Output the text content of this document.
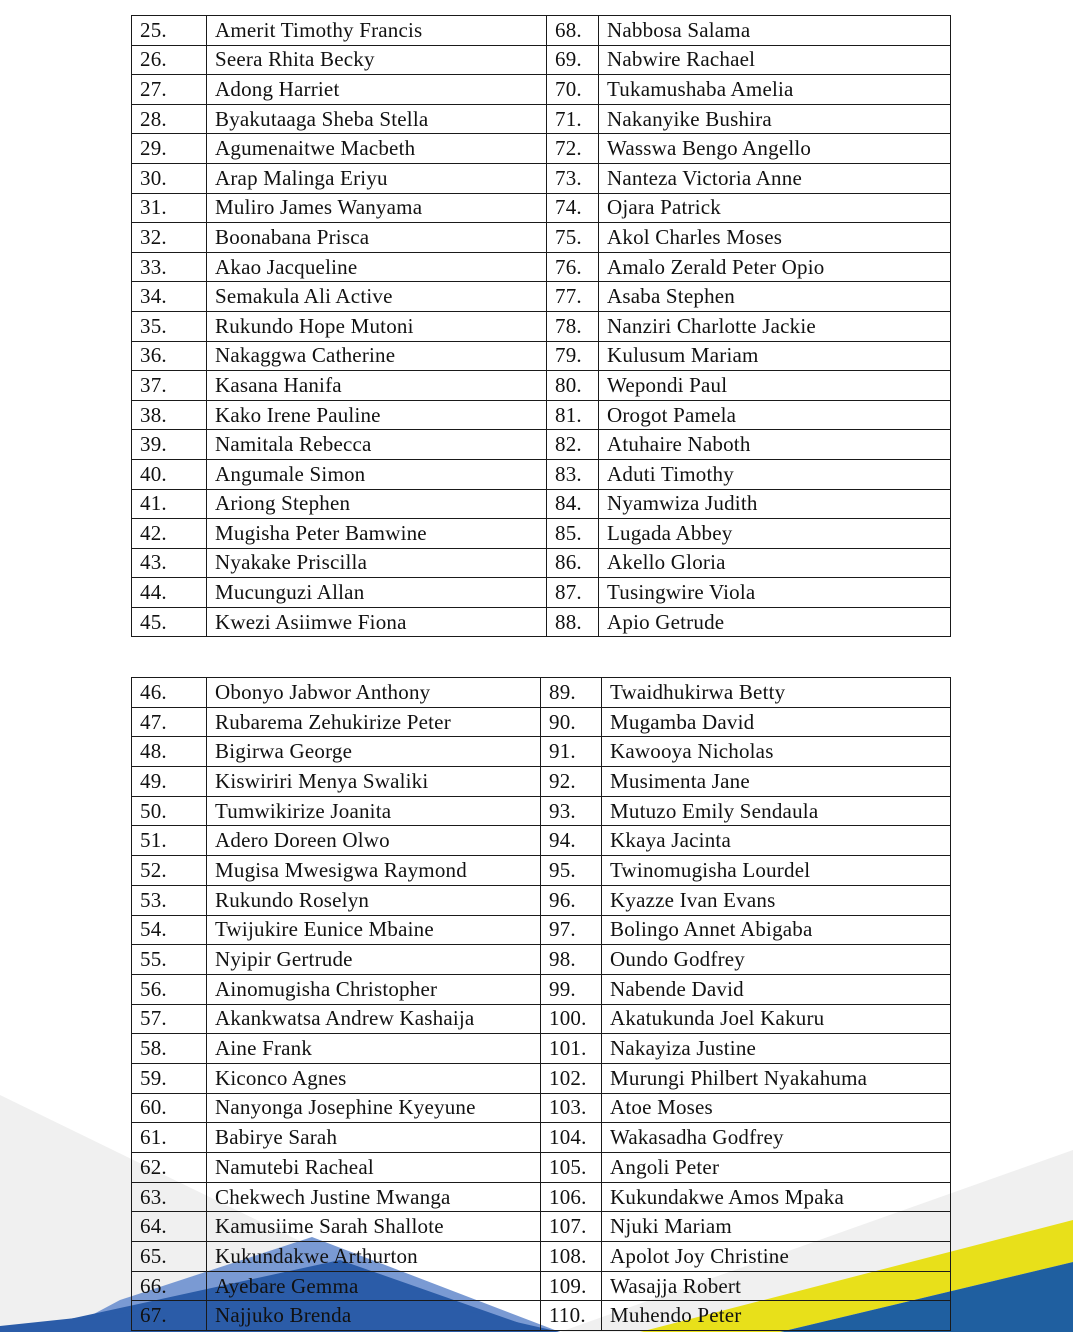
25.	Amerit Timothy Francis	68.	Nabbosa Salama
26.	Seera Rhita Becky	69.	Nabwire Rachael
27.	Adong Harriet	70.	Tukamushaba Amelia
28.	Byakutaaga Sheba Stella	71.	Nakanyike Bushira
29.	Agumenaitwe Macbeth	72.	Wasswa Bengo Angello
30.	Arap Malinga Eriyu	73.	Nanteza Victoria Anne
31.	Muliro James Wanyama	74.	Ojara Patrick
32.	Boonabana Prisca	75.	Akol Charles Moses
33.	Akao Jacqueline	76.	Amalo Zerald Peter Opio
34.	Semakula Ali Active	77.	Asaba Stephen
35.	Rukundo Hope Mutoni	78.	Nanziri Charlotte Jackie
36.	Nakaggwa Catherine	79.	Kulusum Mariam
37.	Kasana Hanifa	80.	Wepondi Paul
38.	Kako Irene Pauline	81.	Orogot Pamela
39.	Namitala Rebecca	82.	Atuhaire Naboth
40.	Angumale Simon	83.	Aduti Timothy
41.	Ariong Stephen	84.	Nyamwiza Judith
42.	Mugisha Peter Bamwine	85.	Lugada Abbey
43.	Nyakake Priscilla	86.	Akello Gloria
44.	Mucunguzi Allan	87.	Tusingwire Viola
45.	Kwezi Asiimwe Fiona	88.	Apio Getrude
46.	Obonyo Jabwor Anthony	89.	Twaidhukirwa Betty
47.	Rubarema Zehukirize Peter	90.	Mugamba David
48.	Bigirwa George	91.	Kawooya Nicholas
49.	Kiswiriri Menya Swaliki	92.	Musimenta Jane
50.	Tumwikirize Joanita	93.	Mutuzo Emily Sendaula
51.	Adero Doreen Olwo	94.	Kkaya Jacinta
52.	Mugisa Mwesigwa Raymond	95.	Twinomugisha Lourdel
53.	Rukundo Roselyn	96.	Kyazze Ivan Evans
54.	Twijukire Eunice Mbaine	97.	Bolingo Annet Abigaba
55.	Nyipir Gertrude	98.	Oundo Godfrey
56.	Ainomugisha Christopher	99.	Nabende David
57.	Akankwatsa Andrew Kashaija	100.	Akatukunda Joel Kakuru
58.	Aine Frank	101.	Nakayiza Justine
59.	Kiconco Agnes	102.	Murungi Philbert Nyakahuma
60.	Nanyonga Josephine Kyeyune	103.	Atoe Moses
61.	Babirye Sarah	104.	Wakasadha Godfrey
62.	Namutebi Racheal	105.	Angoli Peter
63.	Chekwech Justine Mwanga	106.	Kukundakwe Amos Mpaka
64.	Kamusiime Sarah Shallote	107.	Njuki Mariam
65.	Kukundakwe Arthurton	108.	Apolot Joy Christine
66.	Ayebare Gemma	109.	Wasajja Robert
67.	Najjuko Brenda	110.	Muhendo Peter
